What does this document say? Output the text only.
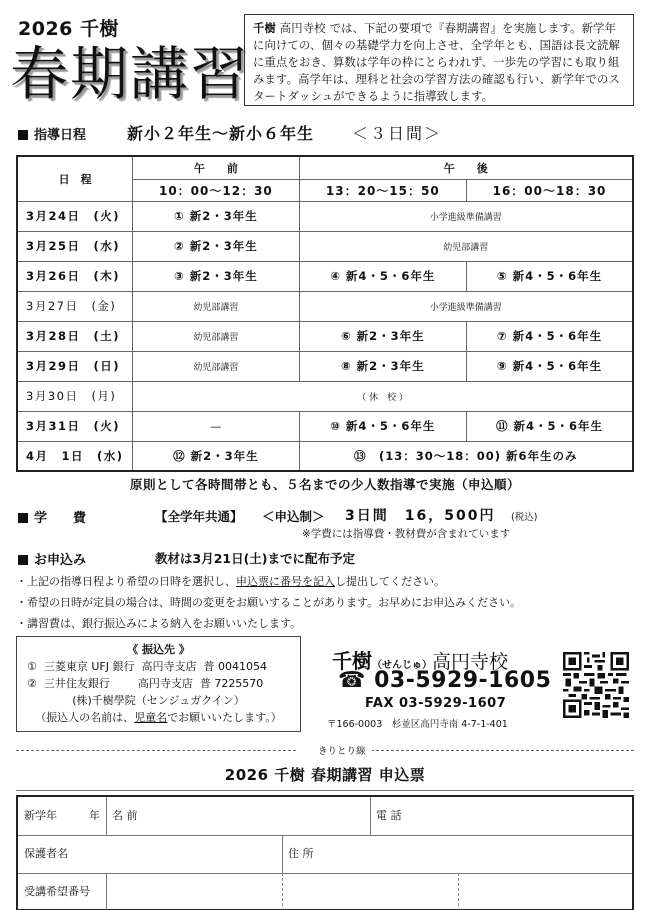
2026 千樹
春期講習
千樹 高円寺校 では、下記の要項で『春期講習』を実施します。新学年に向けての、個々の基礎学力を向上させ、全学年とも、国語は長文読解に重点をおき、算数は学年の枠にとらわれず、一歩先の学習にも取り組みます。高学年は、理科と社会の学習方法の確認も行い、新学年でのスタートダッシュができるように指導致します。
指導日程	新小２年生～新小６年生 ＜３日間＞
日　程	午　　前	午　　後	
	10：00～12：30	13：20～15：50	16：00～18：30
3月24日　(火)	① 新2・3年生	小学進級準備講習	
3月25日　(水)	② 新2・3年生	幼児部講習	
3月26日　(木)	③ 新2・3年生	④ 新4・5・6年生	⑤ 新4・5・6年生
3月27日　(金)	幼児部講習	小学進級準備講習	
3月28日　(土)	幼児部講習	⑥ 新2・3年生	⑦ 新4・5・6年生
3月29日　(日)	幼児部講習	⑧ 新2・3年生	⑨ 新4・5・6年生
3月30日　(月)	（ 休　校 ）		
3月31日　(火)	—	⑩ 新4・5・6年生	⑪ 新4・5・6年生
4月　1日　(水)	⑫ 新2・3年生	⑬　(13：30～18：00) 新6年生のみ	
原則として各時間帯とも、５名までの少人数指導で実施（申込順）
学　　費	【全学年共通】 ＜申込制＞ 3日間　16，500円 (税込)
※学費には指導費・教材費が含まれています
お申込み	教材は3月21日(土)までに配布予定
・上記の指導日程より希望の日時を選択し、申込票に番号を記入し提出してください。
・希望の日時が定員の場合は、時間の変更をお願いすることがあります。お早めにお申込みください。
・講習費は、銀行振込みによる納入をお願いいたします。
《 振込先 》
①  三菱東京 UFJ 銀行  高円寺支店  普 0041054
②  三井住友銀行        高円寺支店  普 7225570
(株)千樹學院（センジュガクイン）
（振込人の名前は、児童名でお願いいたします。）
千樹（せんじゅ）高円寺校
☎ 03-5929-1605
FAX 03-5929-1607
〒166-0003　杉並区高円寺南 4-7-1-401
きりとり線
2026 千樹 春期講習 申込票
新学年	年	名 前	電 話
保護者名	住 所
受講希望番号
